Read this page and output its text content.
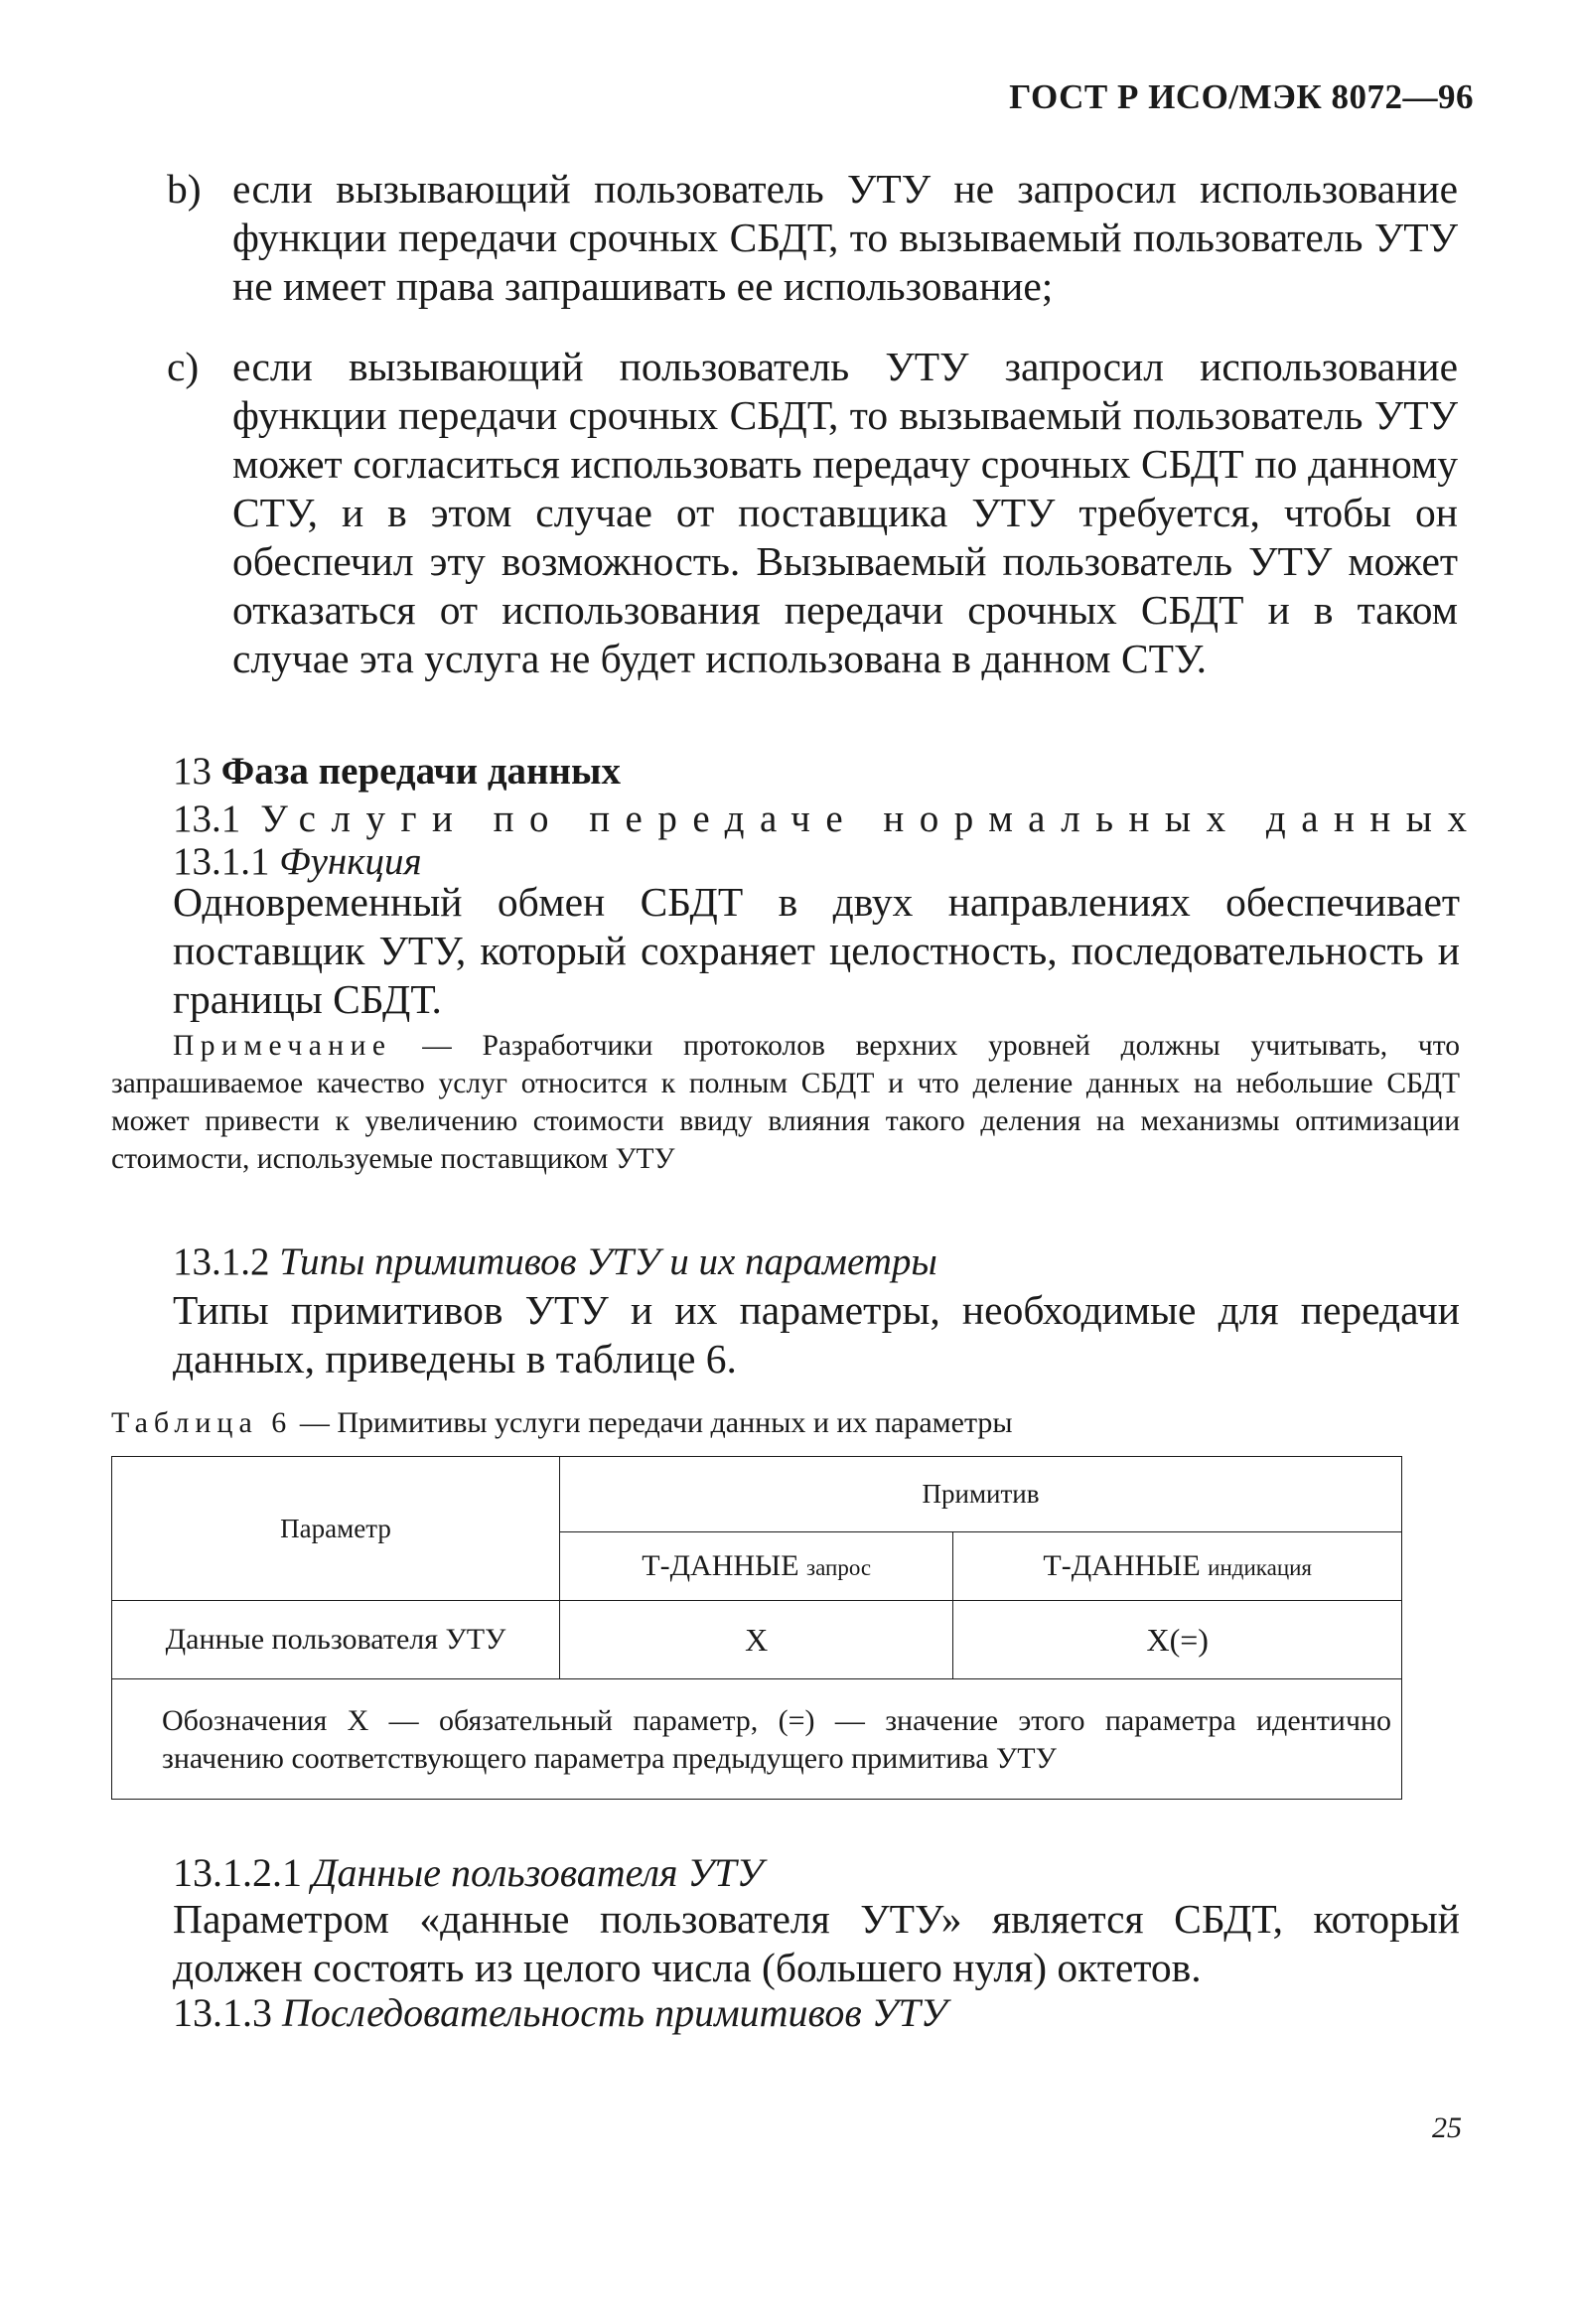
ГОСТ Р ИСО/МЭК 8072—96
b) если вызывающий пользователь УТУ не запросил использование функции передачи срочных СБДТ, то вызываемый пользователь УТУ не имеет права запрашивать ее использование;
c) если вызывающий пользователь УТУ запросил использование функции передачи срочных СБДТ, то вызываемый пользователь УТУ может согласиться использовать передачу срочных СБДТ по данному СТУ, и в этом случае от поставщика УТУ требуется, чтобы он обеспечил эту возможность. Вызываемый пользователь УТУ может отказаться от использования передачи срочных СБДТ и в таком случае эта услуга не будет использована в данном СТУ.
13 Фаза передачи данных
13.1 Услуги по передаче нормальных данных
13.1.1 Функция
Одновременный обмен СБДТ в двух направлениях обеспечивает поставщик УТУ, который сохраняет целостность, последовательность и границы СБДТ.
Примечание — Разработчики протоколов верхних уровней должны учитывать, что запрашиваемое качество услуг относится к полным СБДТ и что деление данных на небольшие СБДТ может привести к увеличению стоимости ввиду влияния такого деления на механизмы оптимизации стоимости, используемые поставщиком УТУ
13.1.2 Типы примитивов УТУ и их параметры
Типы примитивов УТУ и их параметры, необходимые для передачи данных, приведены в таблице 6.
Таблица 6 — Примитивы услуги передачи данных и их параметры
Параметр	Примитив	
	Т-ДАННЫЕ запрос	Т-ДАННЫЕ индикация
Данные пользователя УТУ	X	X(=)
Обозначения X — обязательный параметр, (=) — значение этого параметра идентично значению соответствующего параметра предыдущего примитива УТУ		
13.1.2.1 Данные пользователя УТУ
Параметром «данные пользователя УТУ» является СБДТ, который должен состоять из целого числа (большего нуля) октетов.
13.1.3 Последовательность примитивов УТУ
25
